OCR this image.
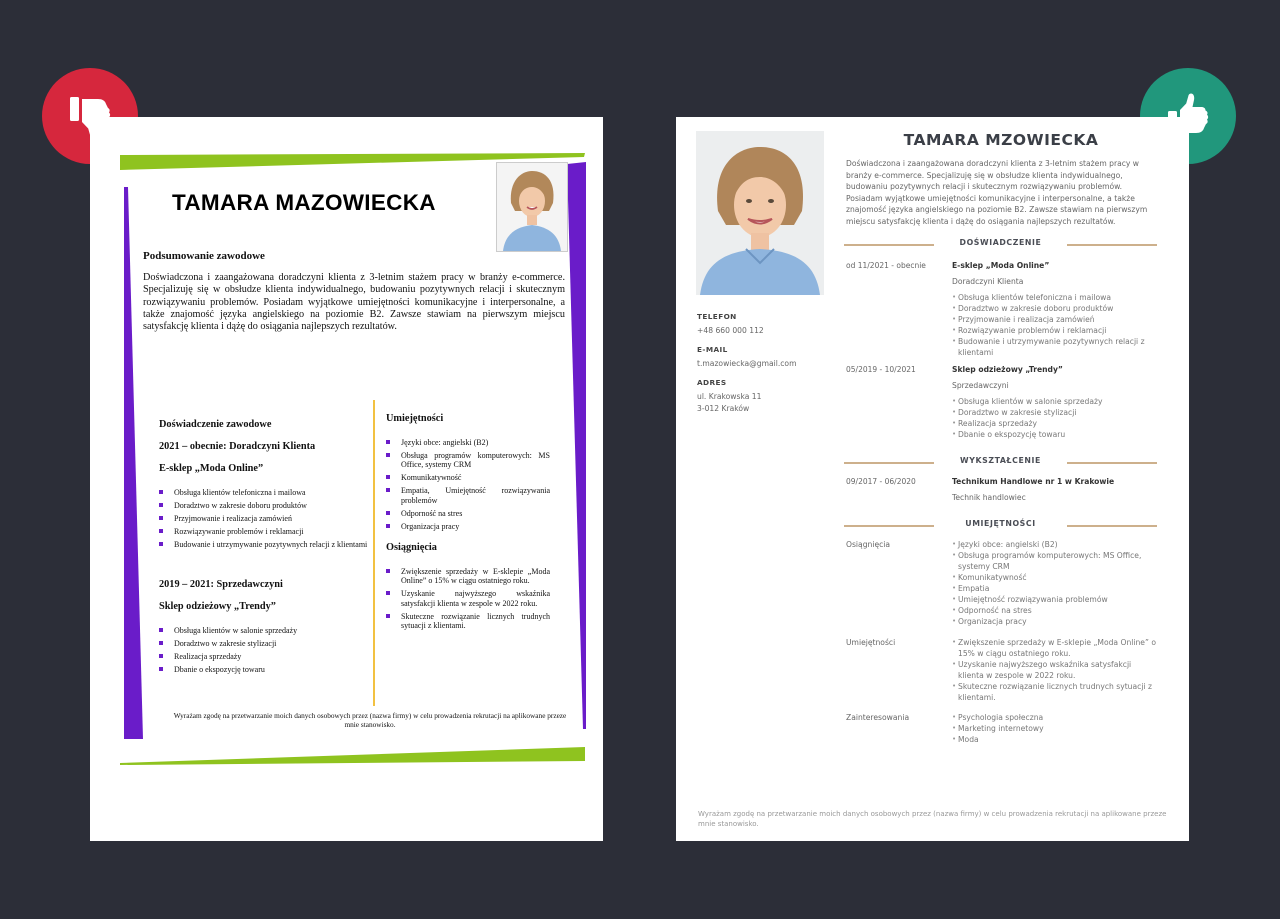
TAMARA MAZOWIECKA
Podsumowanie zawodowe

Doświadczona i zaangażowana doradczyni klienta z 3-letnim stażem pracy w branży e-commerce. Specjalizuję się w obsłudze klienta indywidualnego, budowaniu pozytywnych relacji i skutecznym rozwiązywaniu problemów. Posiadam wyjątkowe umiejętności komunikacyjne i interpersonalne, a także znajomość języka angielskiego na poziomie B2. Zawsze stawiam na pierwszym miejscu satysfakcję klienta i dążę do osiągania najlepszych rezultatów.

Doświadczenie zawodowe
2021 – obecnie: Doradczyni Klienta
E-sklep „Moda Online”
Obsługa klientów telefoniczna i mailowa
Doradztwo w zakresie doboru produktów
Przyjmowanie i realizacja zamówień
Rozwiązywanie problemów i reklamacji
Budowanie i utrzymywanie pozytywnych relacji z klientami
2019 – 2021: Sprzedawczyni
Sklep odzieżowy „Trendy”
Obsługa klientów w salonie sprzedaży
Doradztwo w zakresie stylizacji
Realizacja sprzedaży
Dbanie o ekspozycję towaru
Umiejętności
Języki obce: angielski (B2)
Obsługa programów komputerowych: MS Office, systemy CRM
Komunikatywność
Empatia, Umiejętność rozwiązywania problemów
Odporność na stres
Organizacja pracy
Osiągnięcia
Zwiększenie sprzedaży w E-sklepie „Moda Online” o 15% w ciągu ostatniego roku.
Uzyskanie najwyższego wskaźnika satysfakcji klienta w zespole w 2022 roku.
Skuteczne rozwiązanie licznych trudnych sytuacji z klientami.
Wyrażam zgodę na przetwarzanie moich danych osobowych przez (nazwa firmy) w celu prowadzenia rekrutacji na aplikowane przeze mnie stanowisko.
TAMARA MZOWIECKA

Doświadczona i zaangażowana doradczyni klienta z 3-letnim stażem pracy w branży e-commerce. Specjalizuję się w obsłudze klienta indywidualnego, budowaniu pozytywnych relacji i skutecznym rozwiązywaniu problemów. Posiadam wyjątkowe umiejętności komunikacyjne i interpersonalne, a także znajomość języka angielskiego na poziomie B2. Zawsze stawiam na pierwszym miejscu satysfakcję klienta i dążę do osiągania najlepszych rezultatów.

TELEFON
+48 660 000 112
E-MAIL
t.mazowiecka@gmail.com
ADRES
ul. Krakowska 11
3-012 Kraków
DOŚWIADCZENIE
od 11/2021 - obecnie	E-sklep „Moda Online”
Doradczyni Klienta
• Obsługa klientów telefoniczna i mailowa
• Doradztwo w zakresie doboru produktów
• Przyjmowanie i realizacja zamówień
• Rozwiązywanie problemów i reklamacji
• Budowanie i utrzymywanie pozytywnych relacji z klientami
05/2019 - 10/2021	Sklep odzieżowy „Trendy”
Sprzedawczyni
• Obsługa klientów w salonie sprzedaży
• Doradztwo w zakresie stylizacji
• Realizacja sprzedaży
• Dbanie o ekspozycję towaru
WYKSZTAŁCENIE
09/2017 - 06/2020	Technikum Handlowe nr 1 w Krakowie
Technik handlowiec
UMIEJĘTNOŚCI
Osiągnięcia	• Języki obce: angielski (B2)
• Obsługa programów komputerowych: MS Office, systemy CRM
• Komunikatywność
• Empatia
• Umiejętność rozwiązywania problemów
• Odporność na stres
• Organizacja pracy
Umiejętności	• Zwiększenie sprzedaży w E-sklepie „Moda Online” o 15% w ciągu ostatniego roku.
• Uzyskanie najwyższego wskaźnika satysfakcji klienta w zespole w 2022 roku.
• Skuteczne rozwiązanie licznych trudnych sytuacji z klientami.
Zainteresowania	• Psychologia społeczna
• Marketing internetowy
• Moda
Wyrażam zgodę na przetwarzanie moich danych osobowych przez (nazwa firmy) w celu prowadzenia rekrutacji na aplikowane przeze mnie stanowisko.
